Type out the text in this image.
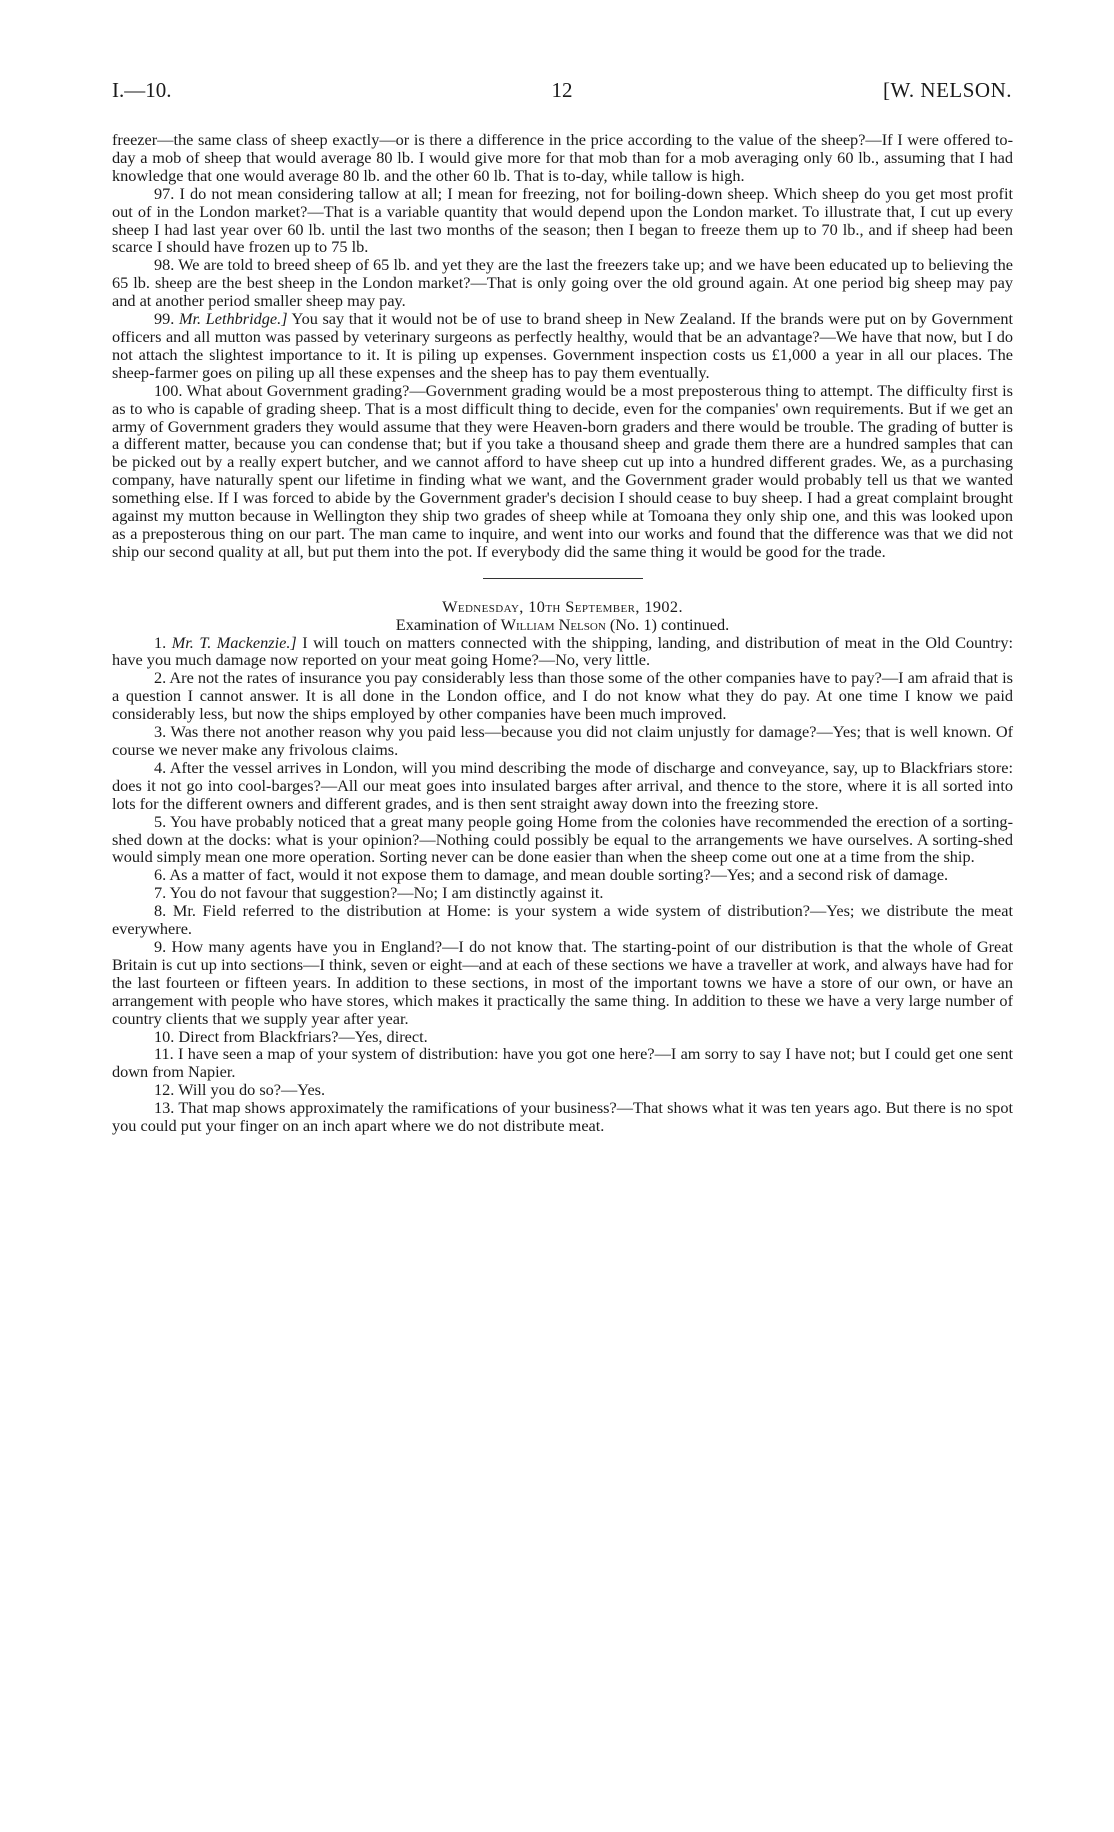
I.—10.	12	[W. NELSON.

freezer—the same class of sheep exactly—or is there a difference in the price according to the value of the sheep?—If I were offered to-day a mob of sheep that would average 80 lb. I would give more for that mob than for a mob averaging only 60 lb., assuming that I had knowledge that one would average 80 lb. and the other 60 lb. That is to-day, while tallow is high.

97. I do not mean considering tallow at all; I mean for freezing, not for boiling-down sheep. Which sheep do you get most profit out of in the London market?—That is a variable quantity that would depend upon the London market. To illustrate that, I cut up every sheep I had last year over 60 lb. until the last two months of the season; then I began to freeze them up to 70 lb., and if sheep had been scarce I should have frozen up to 75 lb.

98. We are told to breed sheep of 65 lb. and yet they are the last the freezers take up; and we have been educated up to believing the 65 lb. sheep are the best sheep in the London market?—That is only going over the old ground again. At one period big sheep may pay and at another period smaller sheep may pay.

99. Mr. Lethbridge.] You say that it would not be of use to brand sheep in New Zealand. If the brands were put on by Government officers and all mutton was passed by veterinary surgeons as perfectly healthy, would that be an advantage?—We have that now, but I do not attach the slightest importance to it. It is piling up expenses. Government inspection costs us £1,000 a year in all our places. The sheep-farmer goes on piling up all these expenses and the sheep has to pay them eventually.

100. What about Government grading?—Government grading would be a most preposterous thing to attempt. The difficulty first is as to who is capable of grading sheep. That is a most difficult thing to decide, even for the companies' own requirements. But if we get an army of Government graders they would assume that they were Heaven-born graders and there would be trouble. The grading of butter is a different matter, because you can condense that; but if you take a thousand sheep and grade them there are a hundred samples that can be picked out by a really expert butcher, and we cannot afford to have sheep cut up into a hundred different grades. We, as a purchasing company, have naturally spent our lifetime in finding what we want, and the Government grader would probably tell us that we wanted something else. If I was forced to abide by the Government grader's decision I should cease to buy sheep. I had a great complaint brought against my mutton because in Wellington they ship two grades of sheep while at Tomoana they only ship one, and this was looked upon as a preposterous thing on our part. The man came to inquire, and went into our works and found that the difference was that we did not ship our second quality at all, but put them into the pot. If everybody did the same thing it would be good for the trade.

Wednesday, 10th September, 1902.

Examination of William Nelson (No. 1) continued.

1. Mr. T. Mackenzie.] I will touch on matters connected with the shipping, landing, and distribution of meat in the Old Country: have you much damage now reported on your meat going Home?—No, very little.

2. Are not the rates of insurance you pay considerably less than those some of the other companies have to pay?—I am afraid that is a question I cannot answer. It is all done in the London office, and I do not know what they do pay. At one time I know we paid considerably less, but now the ships employed by other companies have been much improved.

3. Was there not another reason why you paid less—because you did not claim unjustly for damage?—Yes; that is well known. Of course we never make any frivolous claims.

4. After the vessel arrives in London, will you mind describing the mode of discharge and conveyance, say, up to Blackfriars store: does it not go into cool-barges?—All our meat goes into insulated barges after arrival, and thence to the store, where it is all sorted into lots for the different owners and different grades, and is then sent straight away down into the freezing store.

5. You have probably noticed that a great many people going Home from the colonies have recommended the erection of a sorting-shed down at the docks: what is your opinion?—Nothing could possibly be equal to the arrangements we have ourselves. A sorting-shed would simply mean one more operation. Sorting never can be done easier than when the sheep come out one at a time from the ship.

6. As a matter of fact, would it not expose them to damage, and mean double sorting?—Yes; and a second risk of damage.

7. You do not favour that suggestion?—No; I am distinctly against it.

8. Mr. Field referred to the distribution at Home: is your system a wide system of distribution?—Yes; we distribute the meat everywhere.

9. How many agents have you in England?—I do not know that. The starting-point of our distribution is that the whole of Great Britain is cut up into sections—I think, seven or eight—and at each of these sections we have a traveller at work, and always have had for the last fourteen or fifteen years. In addition to these sections, in most of the important towns we have a store of our own, or have an arrangement with people who have stores, which makes it practically the same thing. In addition to these we have a very large number of country clients that we supply year after year.

10. Direct from Blackfriars?—Yes, direct.

11. I have seen a map of your system of distribution: have you got one here?—I am sorry to say I have not; but I could get one sent down from Napier.

12. Will you do so?—Yes.

13. That map shows approximately the ramifications of your business?—That shows what it was ten years ago. But there is no spot you could put your finger on an inch apart where we do not distribute meat.
